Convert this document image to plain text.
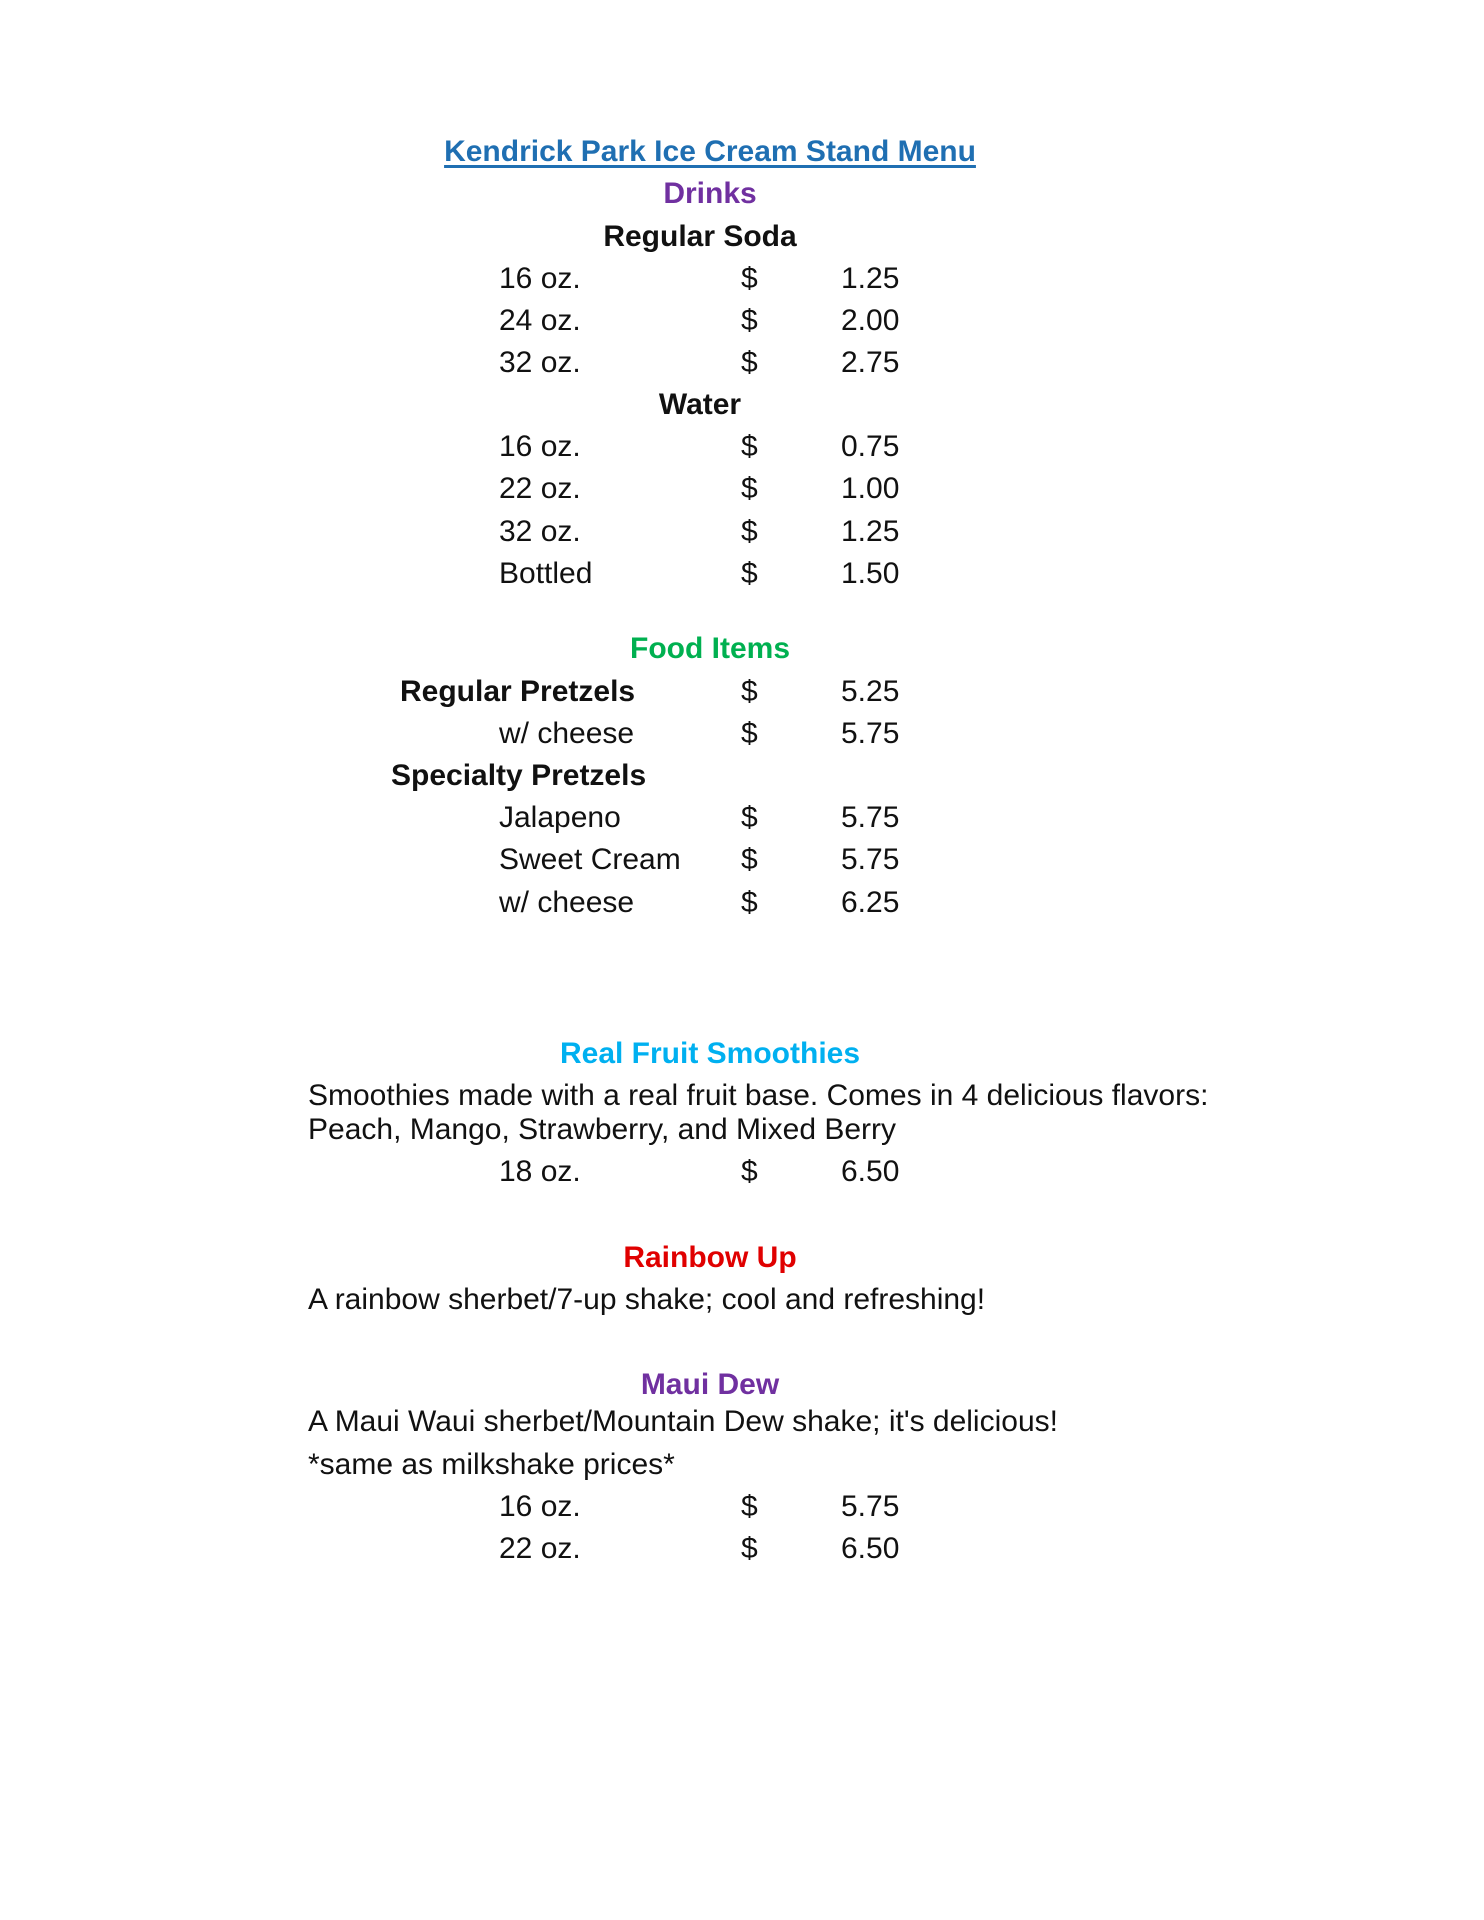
Kendrick Park Ice Cream Stand Menu
Drinks
Regular Soda
16 oz.	$	1.25
24 oz.	$	2.00
32 oz.	$	2.75
Water
16 oz.	$	0.75
22 oz.	$	1.00
32 oz.	$	1.25
Bottled	$	1.50
Food Items
Regular Pretzels	$	5.25
w/ cheese	$	5.75
Specialty Pretzels
Jalapeno	$	5.75
Sweet Cream $	5.75
w/ cheese	$	6.25
Real Fruit Smoothies
Smoothies made with a real fruit base. Comes in 4 delicious flavors:
Peach, Mango, Strawberry, and Mixed Berry
18 oz.	$	6.50
Rainbow Up
A rainbow sherbet/7-up shake; cool and refreshing!
Maui Dew
A Maui Waui sherbet/Mountain Dew shake; it's delicious!
*same as milkshake prices*
16 oz.	$	5.75
22 oz.	$	6.50
